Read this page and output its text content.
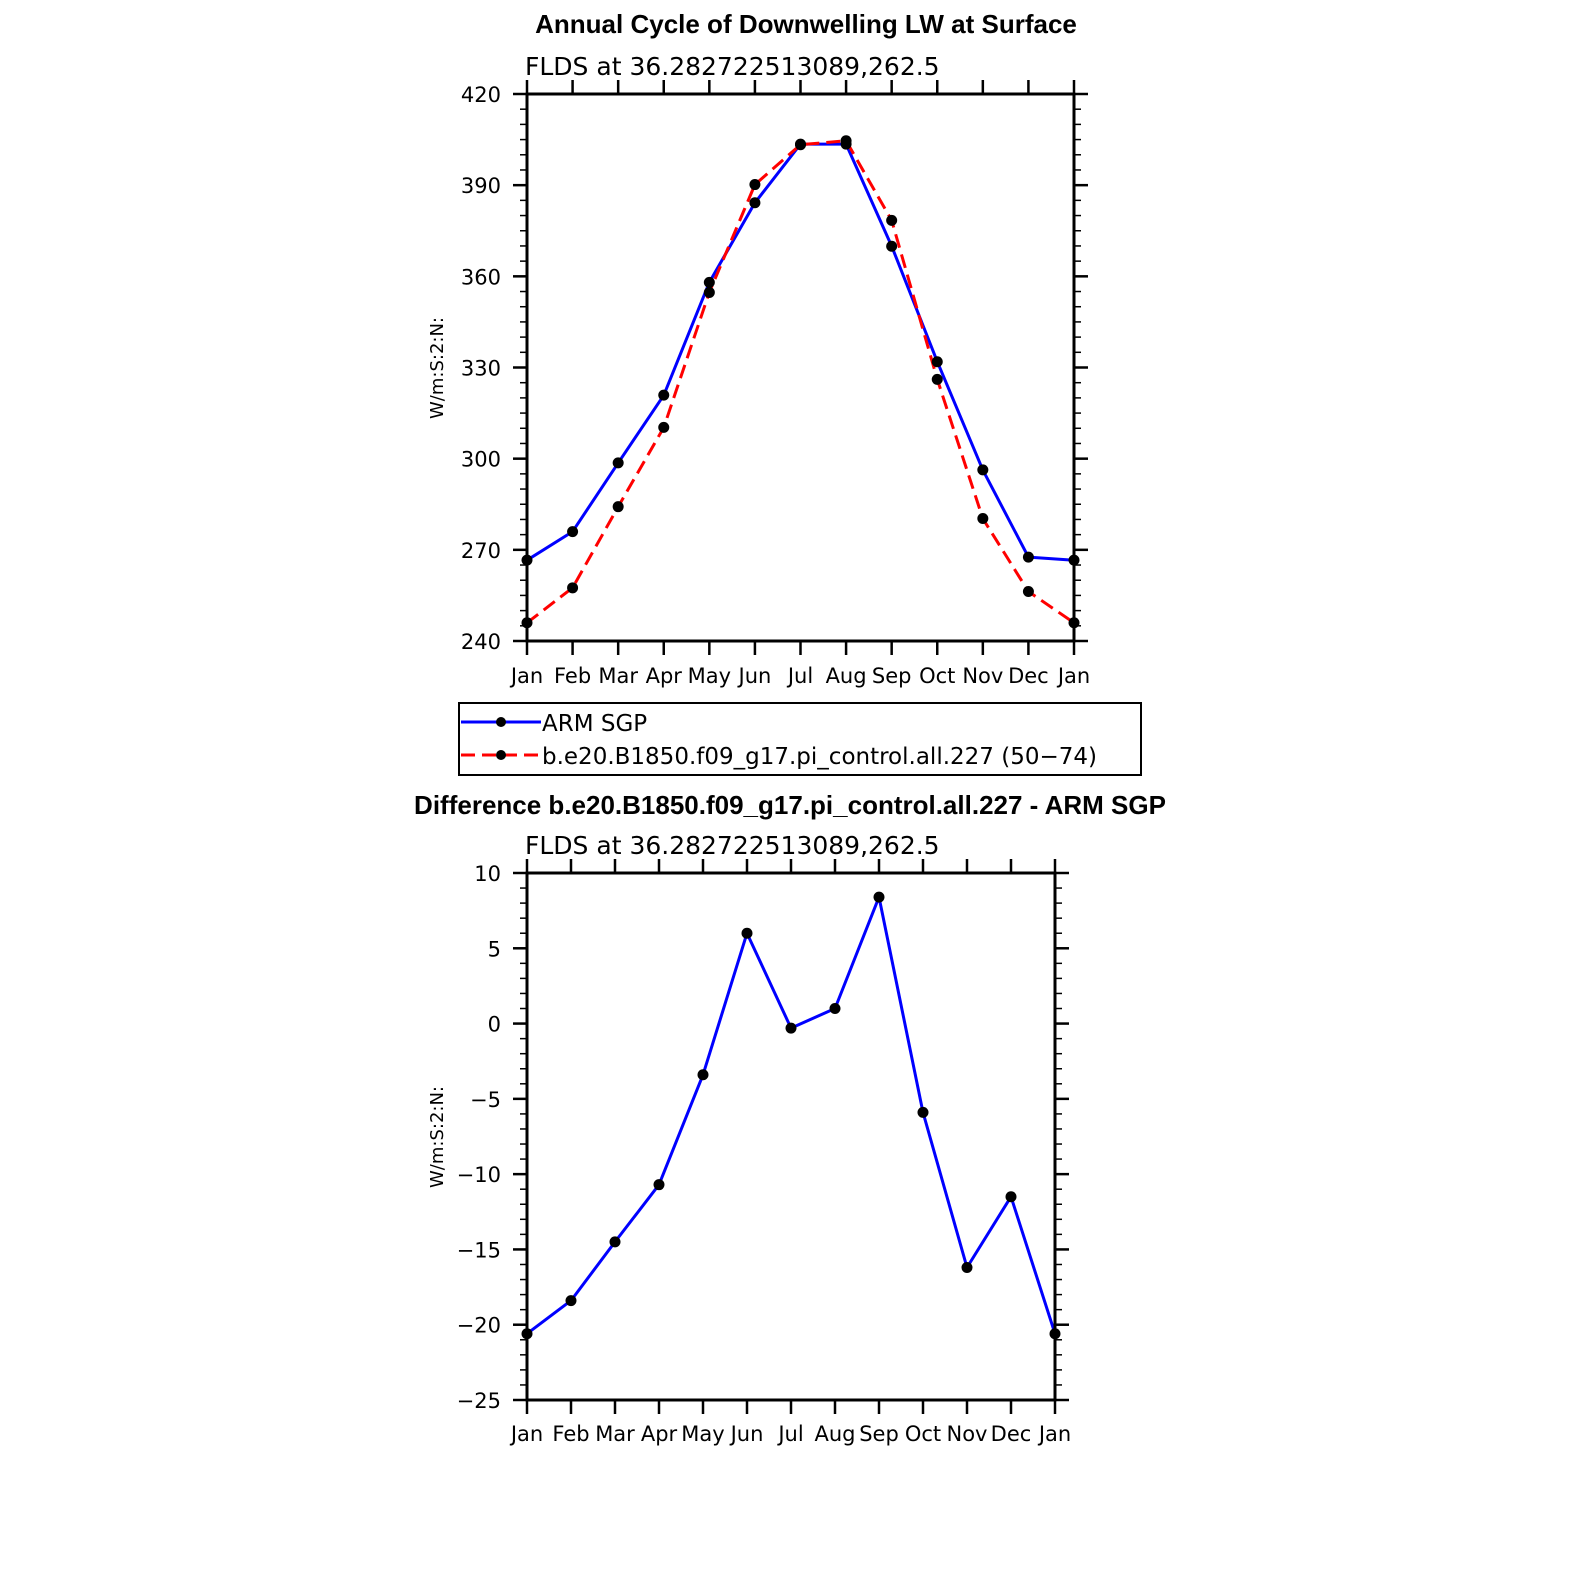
Annual Cycle of Downwelling LW at Surface
FLDS at 36.282722513089,262.5
W/m:S:2:N:
240
270
300
330
360
390
420
Jan Feb Mar Apr May Jun Jul Aug Sep Oct Nov Dec Jan
ARM SGP
b.e20.B1850.f09_g17.pi_control.all.227 (50−74)
Difference b.e20.B1850.f09_g17.pi_control.all.227 - ARM SGP
FLDS at 36.282722513089,262.5
W/m:S:2:N:
−25
−20
−15
−10
−5
0
5
10
Jan Feb Mar Apr May Jun Jul Aug Sep Oct Nov Dec Jan
